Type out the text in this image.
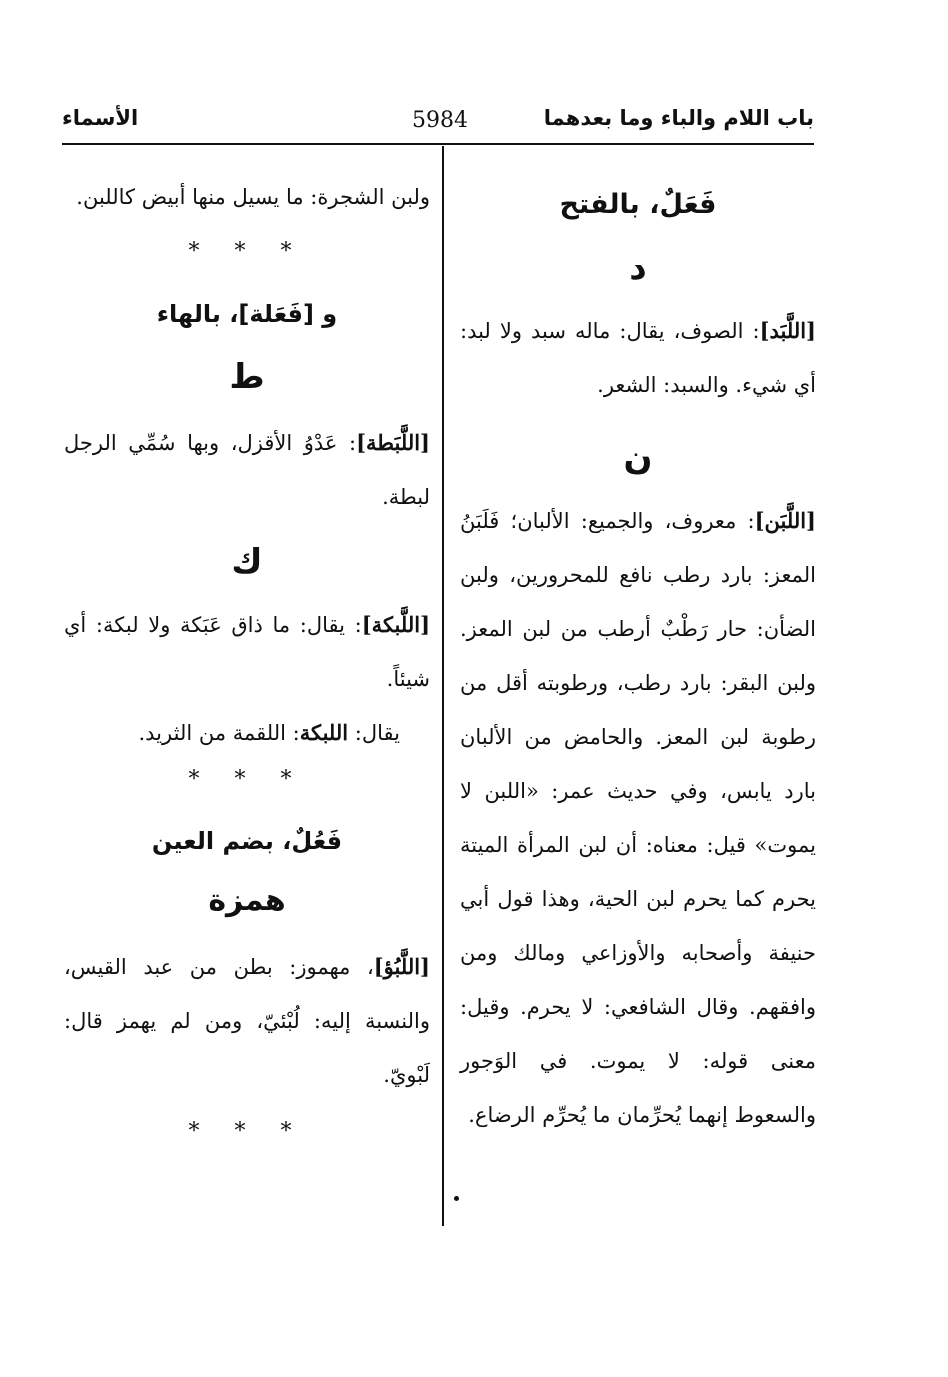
باب اللام والباء وما بعدهما
5984
الأسماء

فَعَلٌ، بالفتح

د

[اللَّبَد]: الصوف، يقال: ماله سبد ولا لبد: أي شيء. والسبد: الشعر.

ن

[اللَّبَن]: معروف، والجميع: الألبان؛ فَلَبَنُ المعز: بارد رطب نافع للمحرورين، ولبن الضأن: حار رَطْبٌ أرطب من لبن المعز. ولبن البقر: بارد رطب، ورطوبته أقل من رطوبة لبن المعز. والحامض من الألبان بارد يابس، وفي حديث عمر: «اللبن لا يموت» قيل: معناه: أن لبن المرأة الميتة يحرم كما يحرم لبن الحية، وهذا قول أبي حنيفة وأصحابه والأوزاعي ومالك ومن وافقهم. وقال الشافعي: لا يحرم. وقيل: معنى قوله: لا يموت. في الوَجور والسعوط إنهما يُحرِّمان ما يُحرِّم الرضاع.

ولبن الشجرة: ما يسيل منها أبيض كاللبن.

* * *

و [فَعَلة]، بالهاء

ط

[اللَّبَطة]: عَدْوُ الأقزل، وبها سُمِّي الرجل لبطة.

ك

[اللَّبكة]: يقال: ما ذاق عَبَكة ولا لبكة: أي شيئاً.

يقال: اللبكة: اللقمة من الثريد.

* * *

فَعُلٌ، بضم العين

همزة

[اللَّبُؤ]، مهموز: بطن من عبد القيس، والنسبة إليه: لُبْئيّ، ومن لم يهمز قال: لَبْويّ.

* * *
